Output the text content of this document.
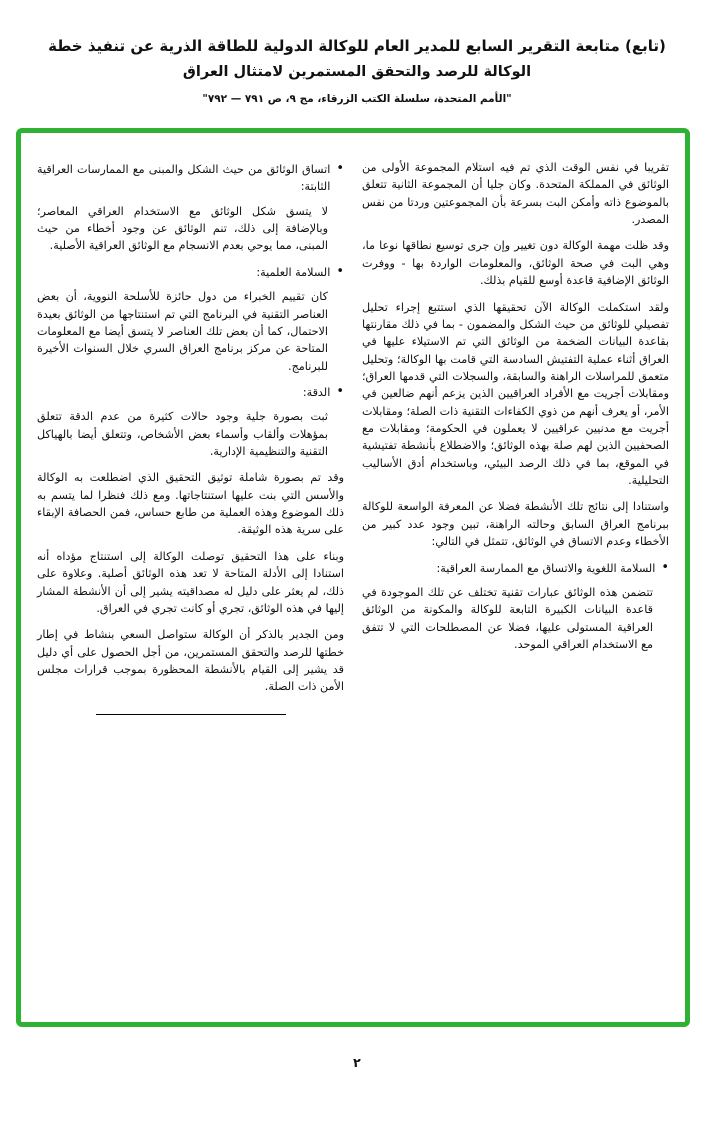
(تابع) متابعة التقرير السابع للمدير العام للوكالة الدولية للطاقة الذرية عن تنفيذ خطة
الوكالة للرصد والتحقق المستمرين لامتثال العراق
"الأمم المتحدة، سلسلة الكتب الزرقاء، مج ٩، ص ٧٩١ — ٧٩٢"
تقريبا في نفس الوقت الذي تم فيه استلام المجموعة الأولى من الوثائق في المملكة المتحدة. وكان جليا أن المجموعة الثانية تتعلق بالموضوع ذاته وأمكن البت بسرعة بأن المجموعتين وردتا من نفس المصدر.
وقد ظلت مهمة الوكالة دون تغيير وإن جرى توسيع نطاقها نوعا ما، وهي البت في صحة الوثائق، والمعلومات الواردة بها - ووفرت الوثائق الإضافية قاعدة أوسع للقيام بذلك.
ولقد استكملت الوكالة الآن تحقيقها الذي استتبع إجراء تحليل تفصيلي للوثائق من حيث الشكل والمضمون - بما في ذلك مقارنتها بقاعدة البيانات الضخمة من الوثائق التي تم الاستيلاء عليها في العراق أثناء عملية التفتيش السادسة التي قامت بها الوكالة؛ وتحليل متعمق للمراسلات الراهنة والسابقة، والسجلات التي قدمها العراق؛ ومقابلات أجريت مع الأفراد العراقيين الذين يزعم أنهم ضالعين في الأمر، أو يعرف أنهم من ذوي الكفاءات التقنية ذات الصلة؛ ومقابلات أجريت مع مدنيين عراقيين لا يعملون في الحكومة؛ ومقابلات مع الصحفيين الذين لهم صلة بهذه الوثائق؛ والاضطلاع بأنشطة تفتيشية في الموقع، بما في ذلك الرصد البيئي، وباستخدام أدق الأساليب التحليلية.
واستنادا إلى نتائج تلك الأنشطة فضلا عن المعرفة الواسعة للوكالة ببرنامج العراق السابق وحالته الراهنة، تبين وجود عدد كبير من الأخطاء وعدم الاتساق في الوثائق، تتمثل في التالي:
•
السلامة اللغوية والاتساق مع الممارسة العراقية:
تتضمن هذه الوثائق عبارات تقنية تختلف عن تلك الموجودة في قاعدة البيانات الكبيرة التابعة للوكالة والمكونة من الوثائق العراقية المستولى عليها، فضلا عن المصطلحات التي لا تتفق مع الاستخدام العراقي الموحد.
•
اتساق الوثائق من حيث الشكل والمبنى مع الممارسات العراقية الثابتة:
لا يتسق شكل الوثائق مع الاستخدام العراقي المعاصر؛ وبالإضافة إلى ذلك، تنم الوثائق عن وجود أخطاء من حيث المبنى، مما يوحي بعدم الانسجام مع الوثائق العراقية الأصلية.
•
السلامة العلمية:
كان تقييم الخبراء من دول حائزة للأسلحة النووية، أن بعض العناصر التقنية في البرنامج التي تم استنتاجها من الوثائق بعيدة الاحتمال، كما أن بعض تلك العناصر لا يتسق أيضا مع المعلومات المتاحة عن مركز برنامج العراق السري خلال السنوات الأخيرة للبرنامج.
•
الدقة:
ثبت بصورة جلية وجود حالات كثيرة من عدم الدقة تتعلق بمؤهلات وألقاب وأسماء بعض الأشخاص، وتتعلق أيضا بالهياكل التقنية والتنظيمية الإدارية.
وقد تم بصورة شاملة توثيق التحقيق الذي اضطلعت به الوكالة والأسس التي بنت عليها استنتاجاتها. ومع ذلك فنظرا لما يتسم به ذلك الموضوع وهذه العملية من طابع حساس، فمن الحصافة الإبقاء على سرية هذه الوثيقة.
وبناء على هذا التحقيق توصلت الوكالة إلى استنتاج مؤداه أنه استنادا إلى الأدلة المتاحة لا تعد هذه الوثائق أصلية. وعلاوة على ذلك، لم يعثر على دليل له مصداقيته يشير إلى أن الأنشطة المشار إليها في هذه الوثائق، تجري أو كانت تجري في العراق.
ومن الجدير بالذكر أن الوكالة ستواصل السعي بنشاط في إطار خطتها للرصد والتحقق المستمرين، من أجل الحصول على أي دليل قد يشير إلى القيام بالأنشطة المحظورة بموجب قرارات مجلس الأمن ذات الصلة.
٢
